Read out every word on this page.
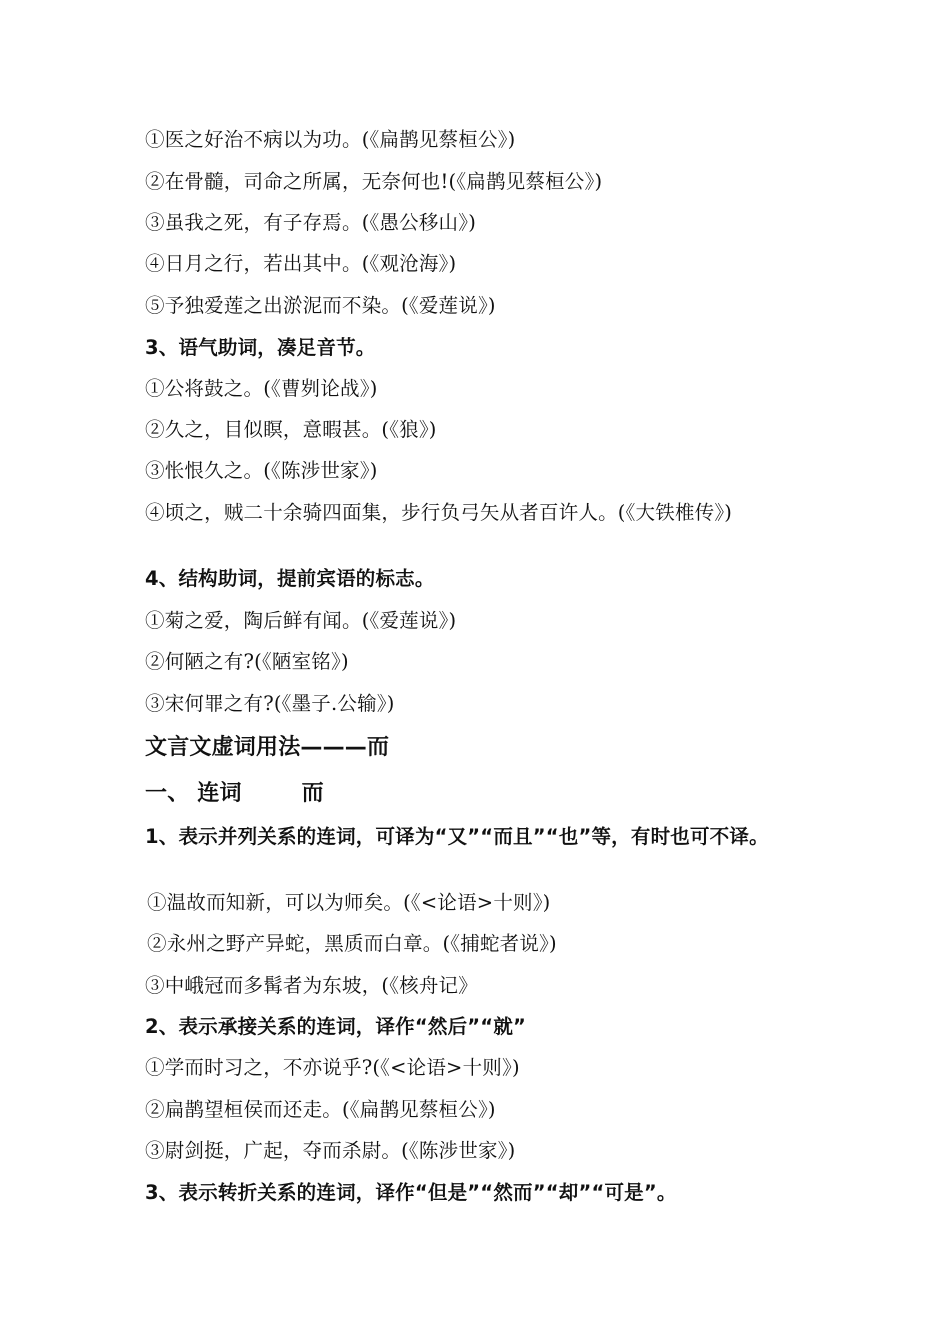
①医之好治不病以为功。(《扁鹊见蔡桓公》)
②在骨髓，司命之所属，无奈何也!(《扁鹊见蔡桓公》)
③虽我之死，有子存焉。(《愚公移山》)
④日月之行，若出其中。(《观沧海》)
⑤予独爱莲之出淤泥而不染。(《爱莲说》)
3、语气助词，凑足音节。
①公将鼓之。(《曹刿论战》)
②久之，目似瞑，意暇甚。(《狼》)
③怅恨久之。(《陈涉世家》)
④顷之，贼二十余骑四面集，步行负弓矢从者百许人。(《大铁椎传》)
4、结构助词，提前宾语的标志。
①菊之爱，陶后鲜有闻。(《爱莲说》)
②何陋之有?(《陋室铭》)
③宋何罪之有?(《墨子.公输》)
文言文虚词用法———而
一、 连词	而
1、表示并列关系的连词，可译为“又”“而且”“也”等，有时也可不译。
①温故而知新，可以为师矣。(《<论语>十则》)
②永州之野产异蛇，黑质而白章。(《捕蛇者说》)
③中峨冠而多髯者为东坡，(《核舟记》
2、表示承接关系的连词，译作“然后”“就”
①学而时习之，不亦说乎?(《<论语>十则》)
②扁鹊望桓侯而还走。(《扁鹊见蔡桓公》)
③尉剑挺，广起，夺而杀尉。(《陈涉世家》)
3、表示转折关系的连词，译作“但是”“然而”“却”“可是”。
